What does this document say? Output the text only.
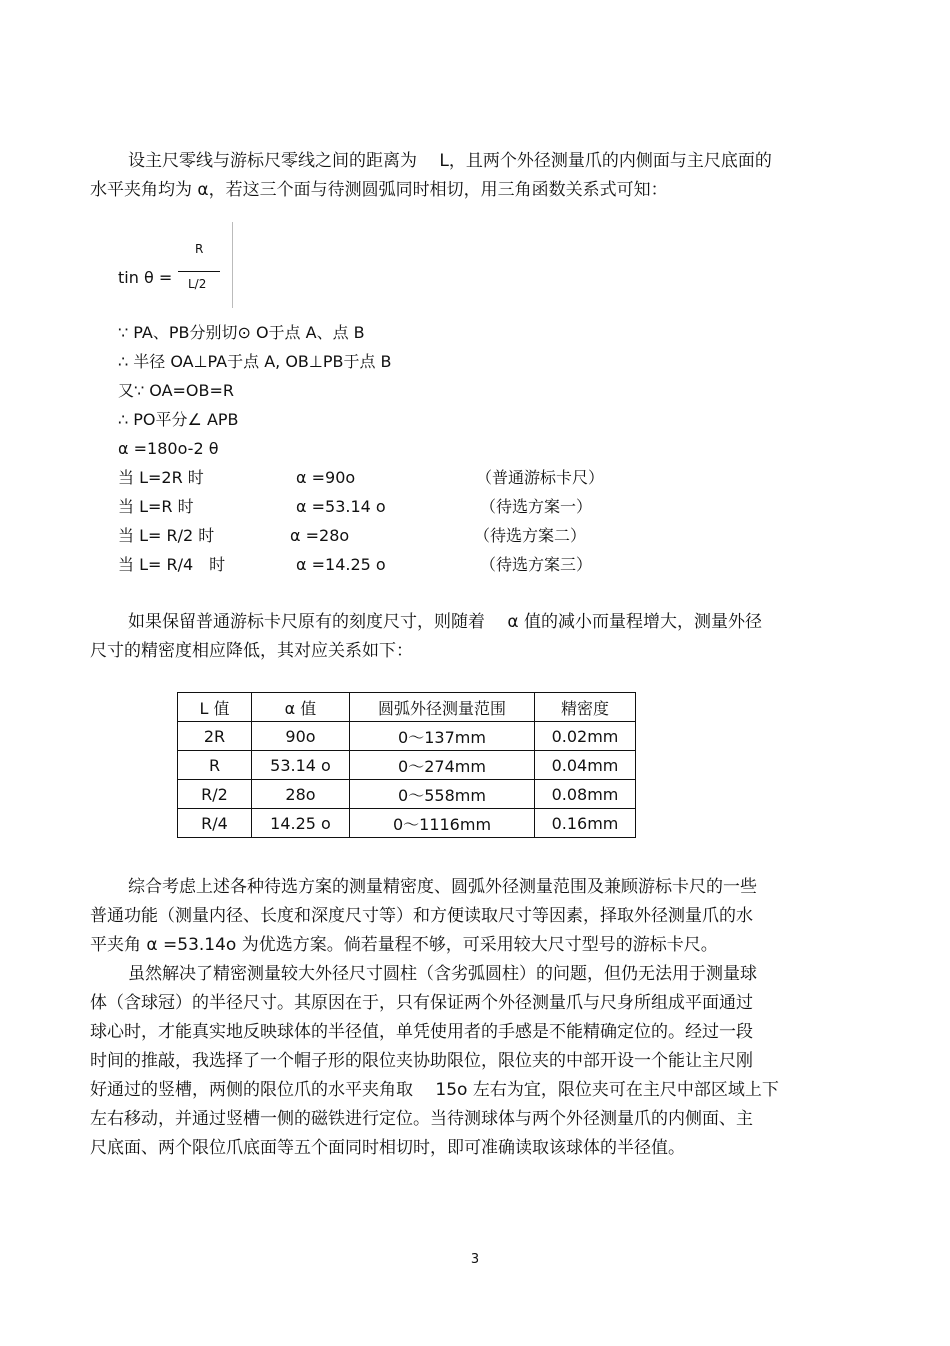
设主尺零线与游标尺零线之间的距离为　 L，且两个外径测量爪的内侧面与主尺底面的
水平夹角均为 α，若这三个面与待测圆弧同时相切，用三角函数关系式可知：
tin θ =
R
L/2
∵ PA、PB分别切⊙ O于点 A、点 B
∴ 半径 OA⊥PA于点 A, OB⊥PB于点 B
又∵ OA=OB=R
∴ PO平分∠ APB
α =180o-2 θ
当 L=2R 时	α =90o	（普通游标卡尺）
当 L=R 时	α =53.14 o	（待选方案一）
当 L= R/2 时	α =28o	（待选方案二）
当 L= R/4　时	α =14.25 o	（待选方案三）
如果保留普通游标卡尺原有的刻度尺寸，则随着　 α 值的减小而量程增大，测量外径
尺寸的精密度相应降低，其对应关系如下：
L 值	α 值	圆弧外径测量范围	精密度
2R	90o	0～137mm	0.02mm
R	53.14 o	0～274mm	0.04mm
R/2	28o	0～558mm	0.08mm
R/4	14.25 o	0～1116mm	0.16mm
综合考虑上述各种待选方案的测量精密度、圆弧外径测量范围及兼顾游标卡尺的一些
普通功能（测量内径、长度和深度尺寸等）和方便读取尺寸等因素，择取外径测量爪的水
平夹角 α =53.14o 为优选方案。倘若量程不够，可采用较大尺寸型号的游标卡尺。
虽然解决了精密测量较大外径尺寸圆柱（含劣弧圆柱）的问题，但仍无法用于测量球
体（含球冠）的半径尺寸。其原因在于，只有保证两个外径测量爪与尺身所组成平面通过
球心时，才能真实地反映球体的半径值，单凭使用者的手感是不能精确定位的。经过一段
时间的推敲，我选择了一个帽子形的限位夹协助限位，限位夹的中部开设一个能让主尺刚
好通过的竖槽，两侧的限位爪的水平夹角取　 15o 左右为宜，限位夹可在主尺中部区域上下
左右移动，并通过竖槽一侧的磁铁进行定位。当待测球体与两个外径测量爪的内侧面、主
尺底面、两个限位爪底面等五个面同时相切时，即可准确读取该球体的半径值。
3
